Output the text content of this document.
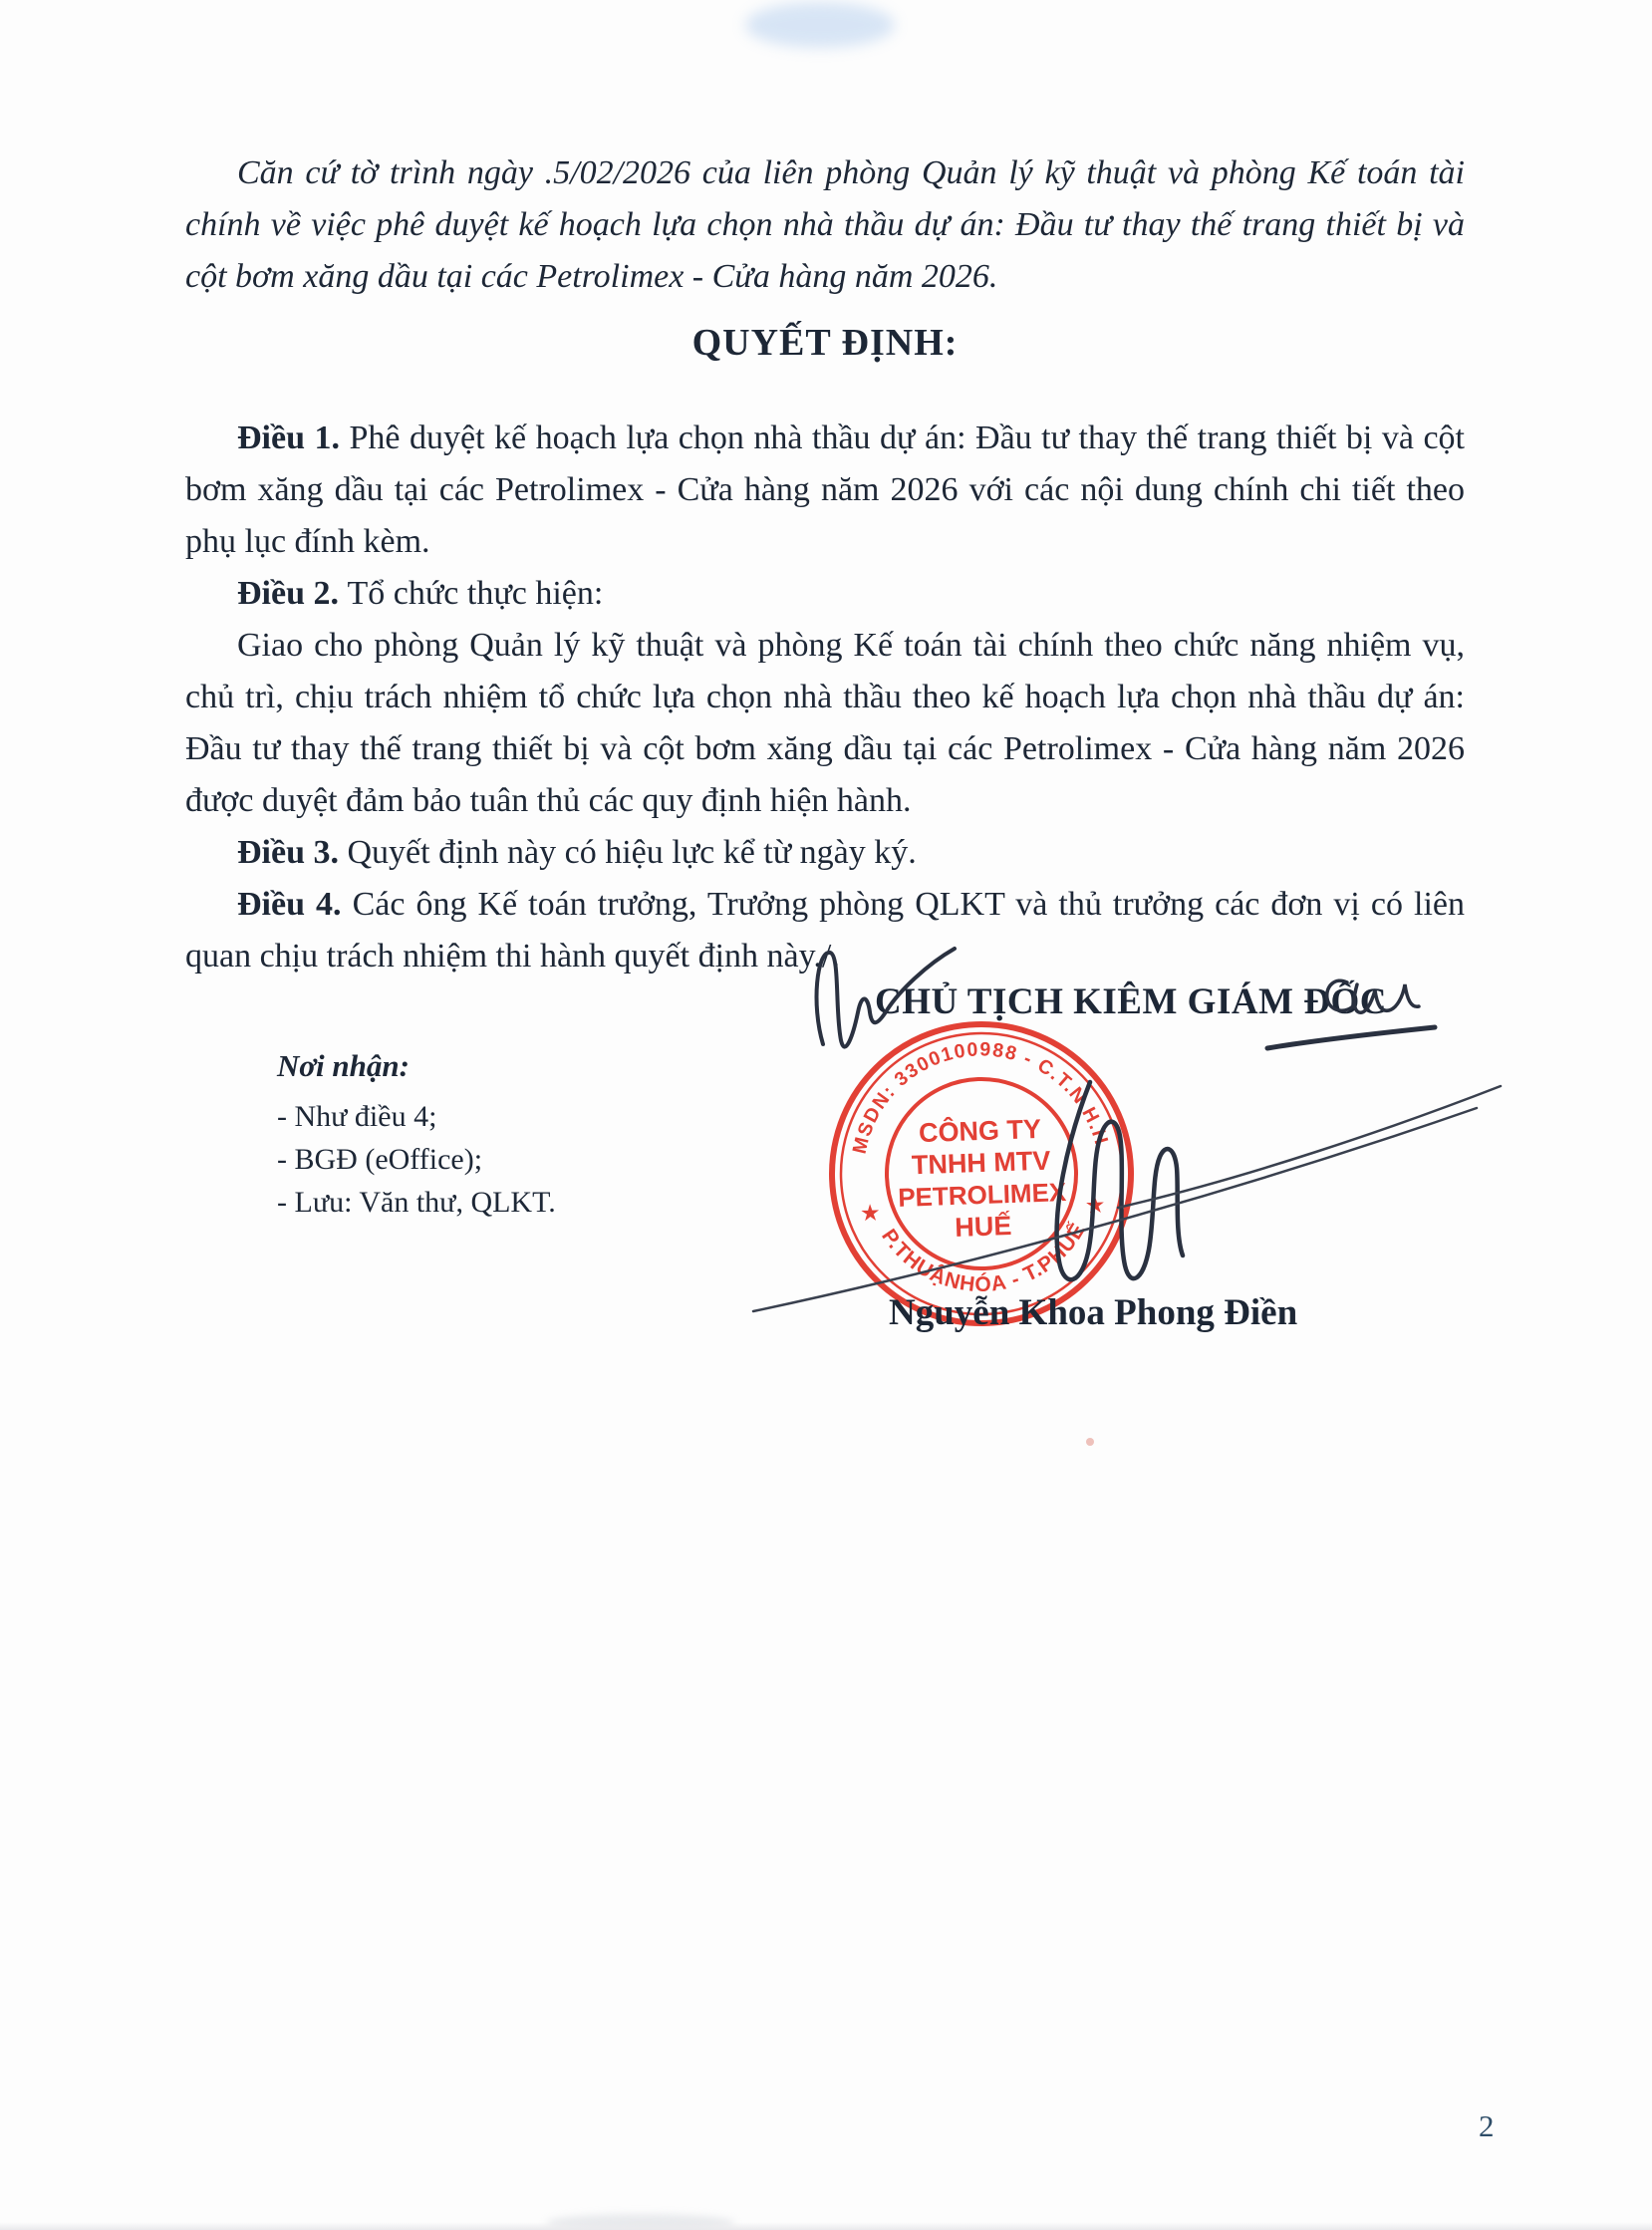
Căn cứ tờ trình ngày .5/02/2026 của liên phòng Quản lý kỹ thuật và phòng Kế toán tài chính về việc phê duyệt kế hoạch lựa chọn nhà thầu dự án: Đầu tư thay thế trang thiết bị và cột bơm xăng dầu tại các Petrolimex - Cửa hàng năm 2026.

QUYẾT ĐỊNH:

Điều 1. Phê duyệt kế hoạch lựa chọn nhà thầu dự án: Đầu tư thay thế trang thiết bị và cột bơm xăng dầu tại các Petrolimex - Cửa hàng năm 2026 với các nội dung chính chi tiết theo phụ lục đính kèm.

Điều 2. Tổ chức thực hiện:

Giao cho phòng Quản lý kỹ thuật và phòng Kế toán tài chính theo chức năng nhiệm vụ, chủ trì, chịu trách nhiệm tổ chức lựa chọn nhà thầu theo kế hoạch lựa chọn nhà thầu dự án: Đầu tư thay thế trang thiết bị và cột bơm xăng dầu tại các Petrolimex - Cửa hàng năm 2026 được duyệt đảm bảo tuân thủ các quy định hiện hành.

Điều 3. Quyết định này có hiệu lực kể từ ngày ký.

Điều 4. Các ông Kế toán trưởng, Trưởng phòng QLKT và thủ trưởng các đơn vị có liên quan chịu trách nhiệm thi hành quyết định này./.

CHỦ TỊCH KIÊM GIÁM ĐỐC
Nơi nhận:
- Như điều 4;
- BGĐ (eOffice);
- Lưu: Văn thư, QLKT.
MSDN: 3300100988 - C.T.N.H.H
P.THUẬNHÓA - T.PHUẾ
★	★
CÔNG TY
TNHH MTV
PETROLIMEX
HUẾ
Nguyễn Khoa Phong Điền
2
